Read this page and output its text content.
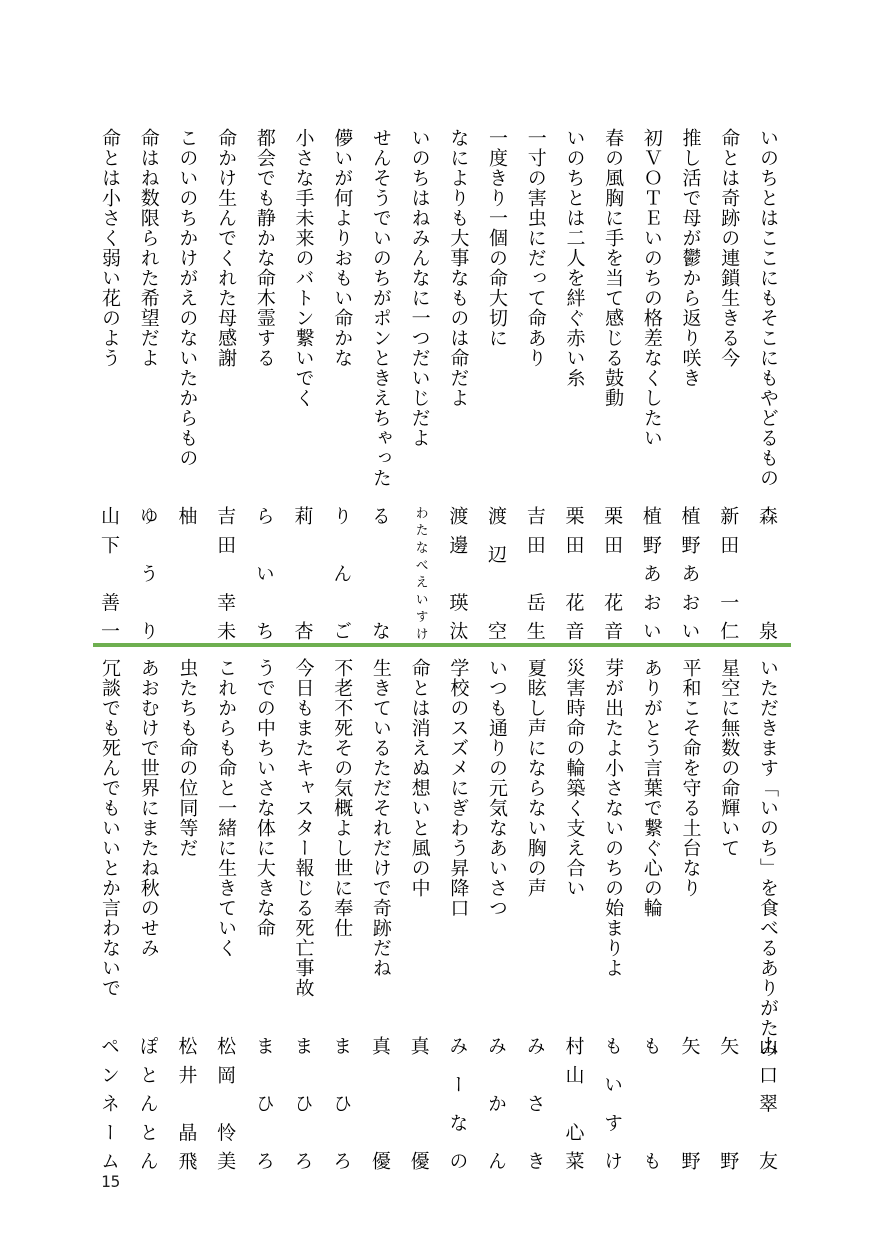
いのちとはここにもそこにもやどるもの
森　泉
命とは奇跡の連鎖生きる今
新田　一仁
推し活で母が鬱から返り咲き
植野あおい
初ＶＯＴＥいのちの格差なくしたい
植野あおい
春の風胸に手を当て感じる鼓動
栗田　花音
いのちとは二人を絆ぐ赤い糸
栗田　花音
一寸の害虫にだって命あり
吉田　岳生
一度きり一個の命大切に
渡辺　空
なによりも大事なものは命だよ
渡邊　瑛汰
いのちはねみんなに一つだいじだよ
わたなべえいすけ
せんそうでいのちがポンときえちゃった
る　な
儚いが何よりおもい命かな
りんご
小さな手未来のバトン繋いでく
莉　杏
都会でも静かな命木霊する
らいち
命かけ生んでくれた母感謝
吉田　幸未
このいのちかけがえのないたからもの
柚
命はね数限られた希望だよ
ゆうり
命とは小さく弱い花のよう
山下　善一
いただきます「いのち」を食べるありがたみ
山口翠　友
星空に無数の命輝いて
矢　野
平和こそ命を守る土台なり
矢　野
ありがとう言葉で繋ぐ心の輪
も　も
芽が出たよ小さないのちの始まりよ
もいすけ
災害時命の輪築く支え合い
村山　心菜
夏眩し声にならない胸の声
みさき
いつも通りの元気なあいさつ
みかん
学校のスズメにぎわう昇降口
みーなの
命とは消えぬ想いと風の中
真　優
生きているただそれだけで奇跡だね
真　優
不老不死その気概よし世に奉仕
まひろ
今日もまたキャスター報じる死亡事故
まひろ
うでの中ちいさな体に大きな命
まひろ
これからも命と一緒に生きていく
松岡　怜美
虫たちも命の位同等だ
松井　晶飛
あおむけで世界にまたね秋のせみ
ぽとんとん
冗談でも死んでもいいとか言わないで
ペンネーム
15
